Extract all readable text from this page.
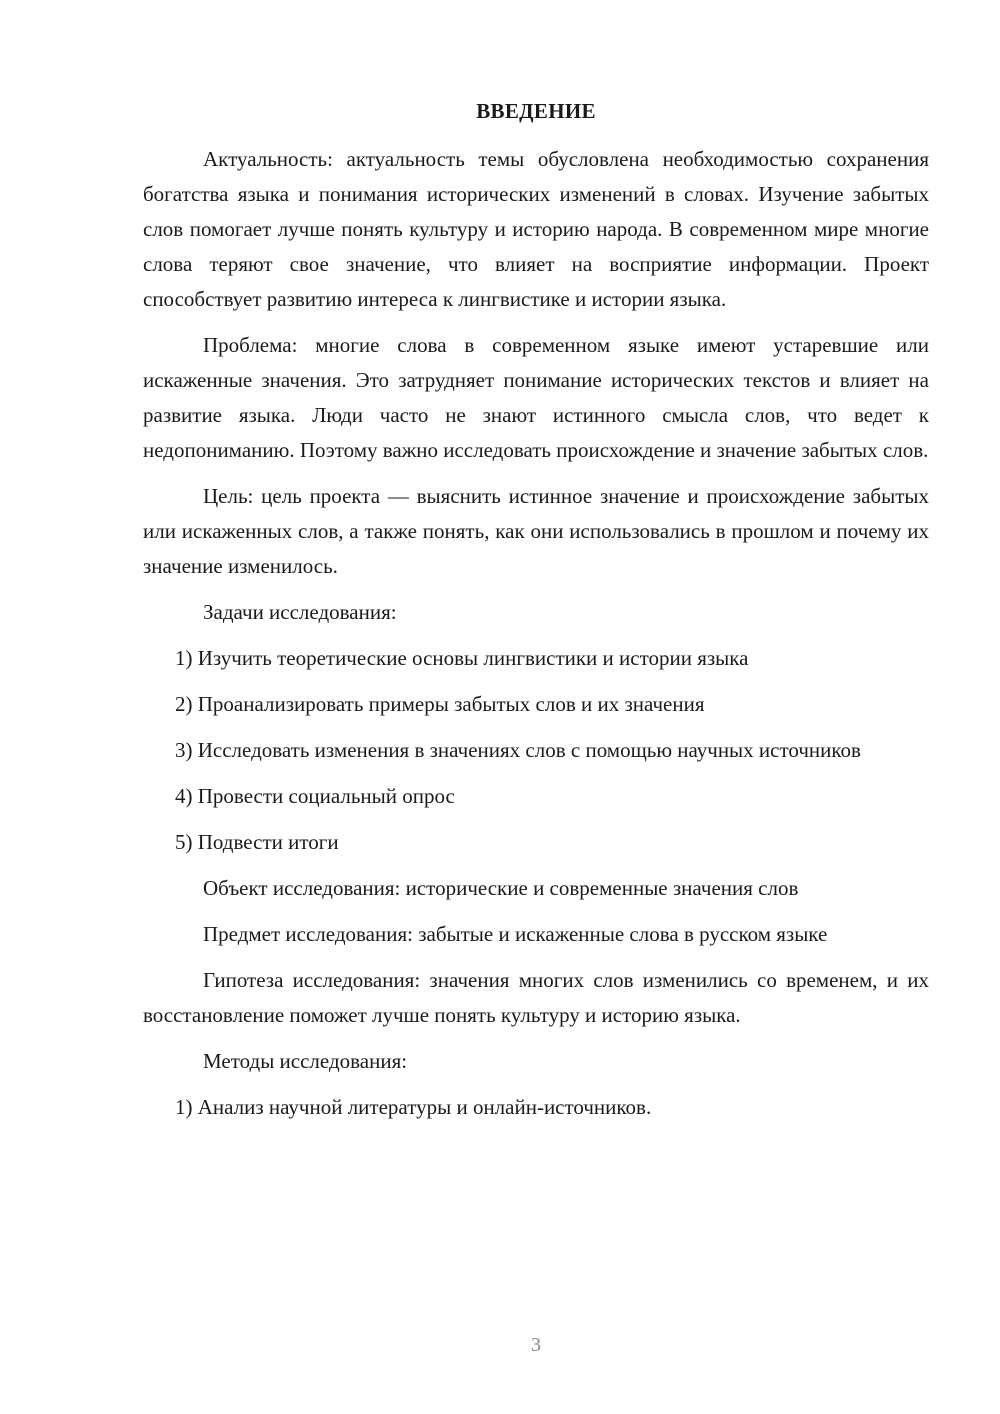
ВВЕДЕНИЕ

Актуальность: актуальность темы обусловлена необходимостью сохранения богатства языка и понимания исторических изменений в словах. Изучение забытых слов помогает лучше понять культуру и историю народа. В современном мире многие слова теряют свое значение, что влияет на восприятие информации. Проект способствует развитию интереса к лингвистике и истории языка.

Проблема: многие слова в современном языке имеют устаревшие или искаженные значения. Это затрудняет понимание исторических текстов и влияет на развитие языка. Люди часто не знают истинного смысла слов, что ведет к недопониманию. Поэтому важно исследовать происхождение и значение забытых слов.

Цель: цель проекта — выяснить истинное значение и происхождение забытых или искаженных слов, а также понять, как они использовались в прошлом и почему их значение изменилось.

Задачи исследования:

1) Изучить теоретические основы лингвистики и истории языка

2) Проанализировать примеры забытых слов и их значения

3) Исследовать изменения в значениях слов с помощью научных источников

4) Провести социальный опрос

5) Подвести итоги

Объект исследования: исторические и современные значения слов

Предмет исследования: забытые и искаженные слова в русском языке

Гипотеза исследования: значения многих слов изменились со временем, и их восстановление поможет лучше понять культуру и историю языка.

Методы исследования:

1) Анализ научной литературы и онлайн-источников.

3
